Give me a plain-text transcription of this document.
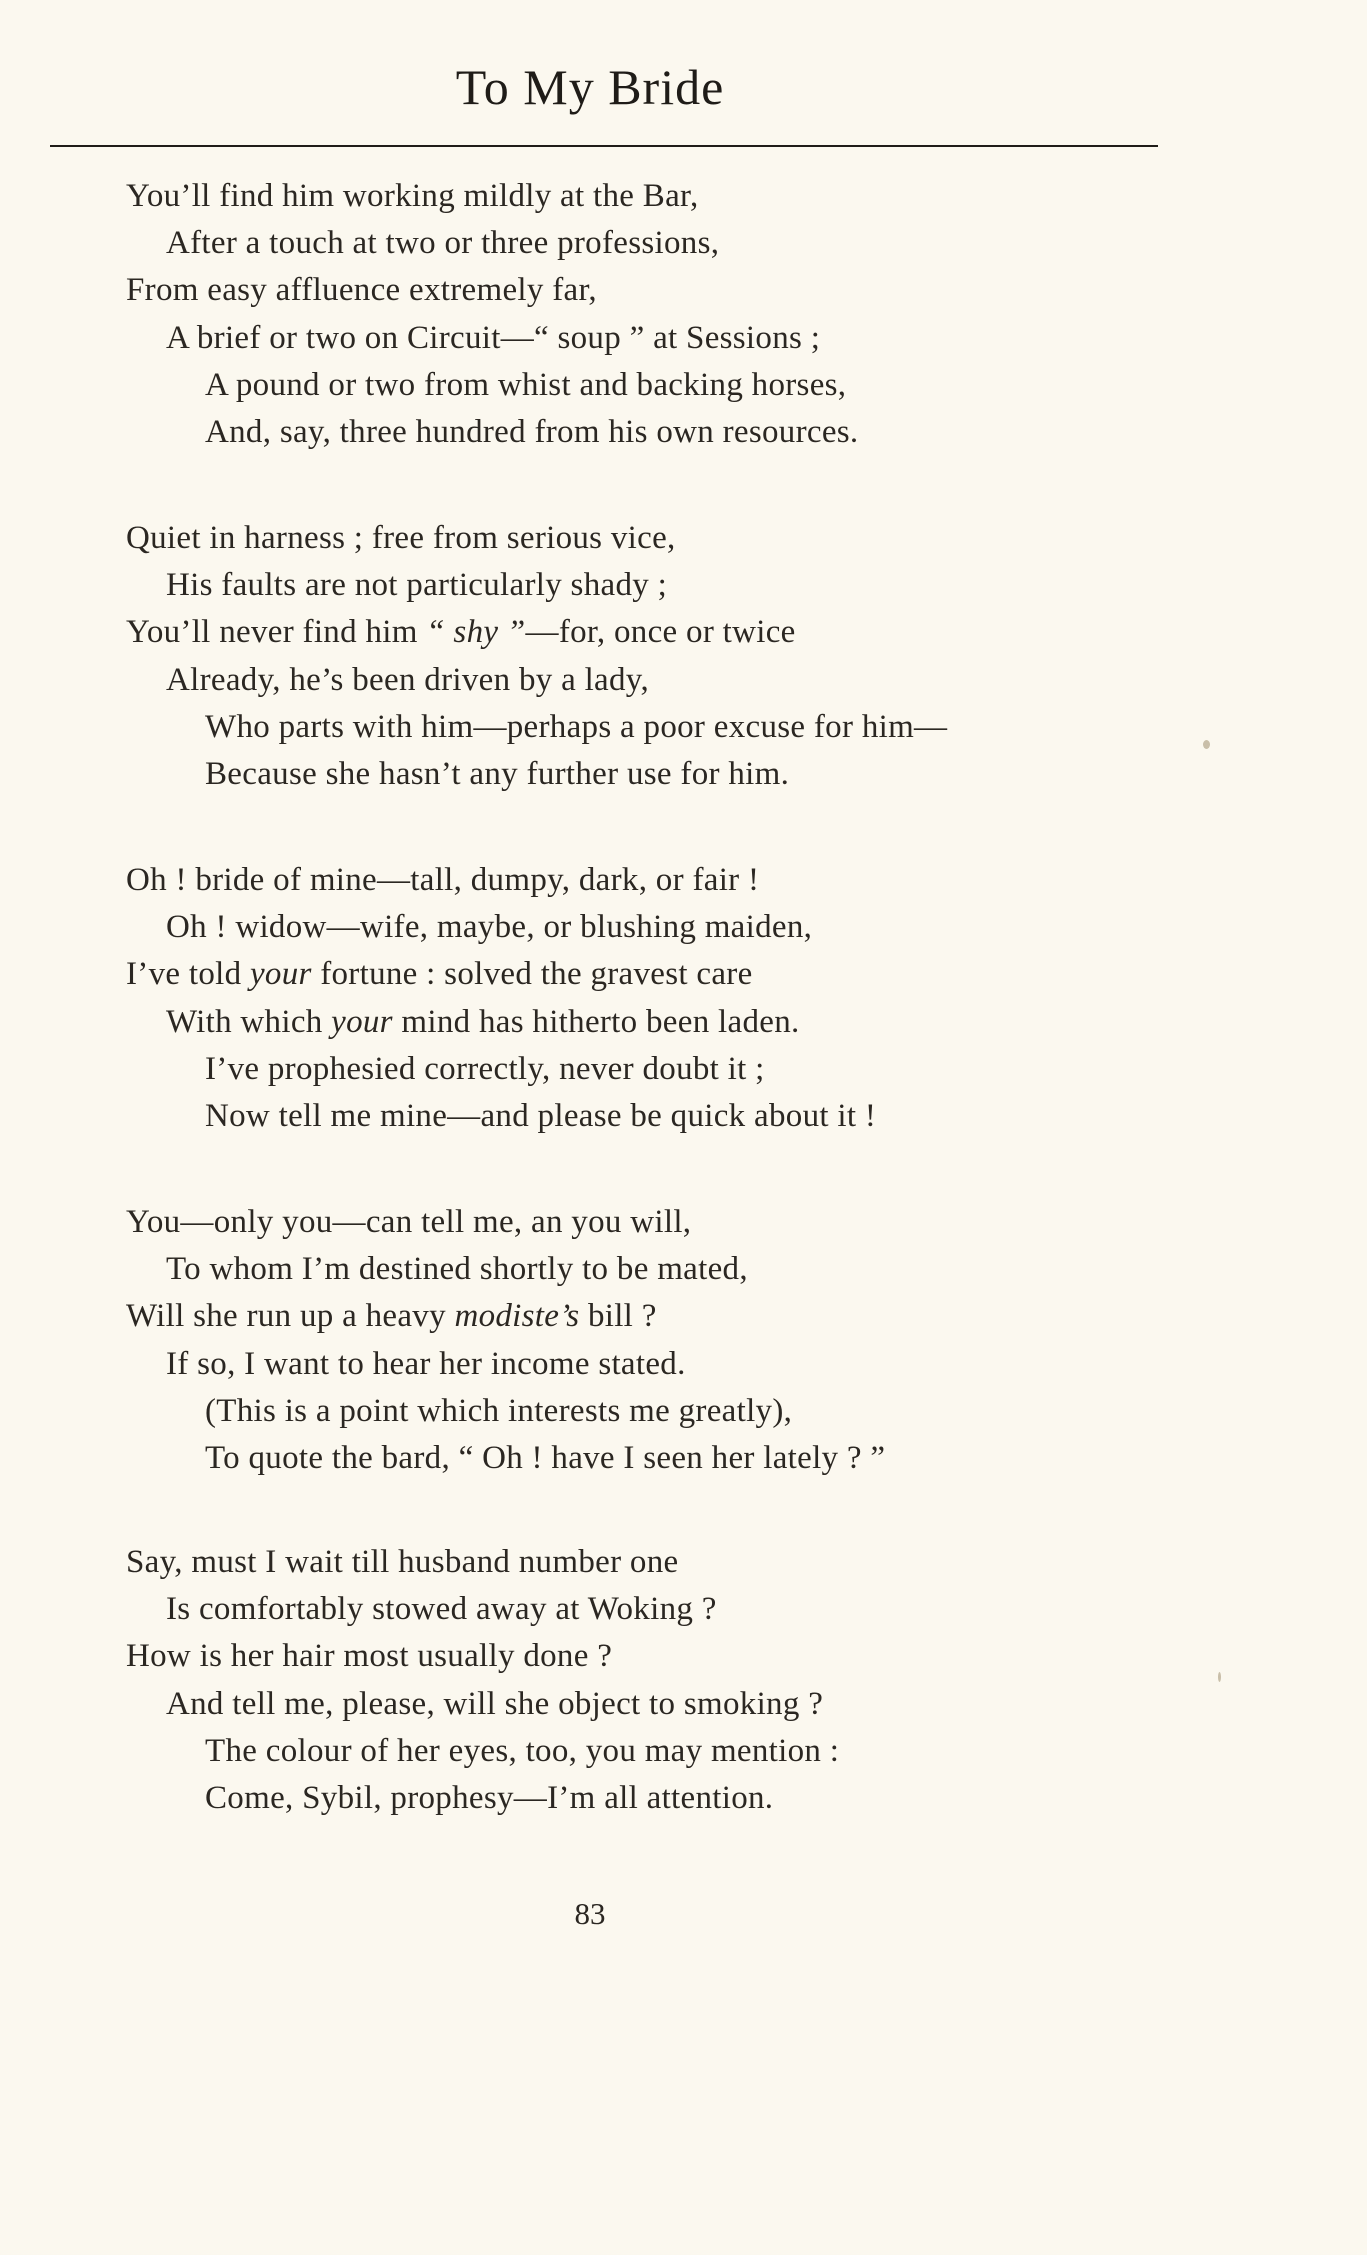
To My Bride
You’ll find him working mildly at the Bar,
After a touch at two or three professions,
From easy affluence extremely far,
A brief or two on Circuit—“ soup ” at Sessions ;
A pound or two from whist and backing horses,
And, say, three hundred from his own resources.
Quiet in harness ; free from serious vice,
His faults are not particularly shady ;
You’ll never find him “ shy ”—for, once or twice
Already, he’s been driven by a lady,
Who parts with him—perhaps a poor excuse for him—
Because she hasn’t any further use for him.
Oh ! bride of mine—tall, dumpy, dark, or fair !
Oh ! widow—wife, maybe, or blushing maiden,
I’ve told your fortune : solved the gravest care
With which your mind has hitherto been laden.
I’ve prophesied correctly, never doubt it ;
Now tell me mine—and please be quick about it !
You—only you—can tell me, an you will,
To whom I’m destined shortly to be mated,
Will she run up a heavy modiste’s bill ?
If so, I want to hear her income stated.
(This is a point which interests me greatly),
To quote the bard, “ Oh ! have I seen her lately ? ”
Say, must I wait till husband number one
Is comfortably stowed away at Woking ?
How is her hair most usually done ?
And tell me, please, will she object to smoking ?
The colour of her eyes, too, you may mention :
Come, Sybil, prophesy—I’m all attention.
83
